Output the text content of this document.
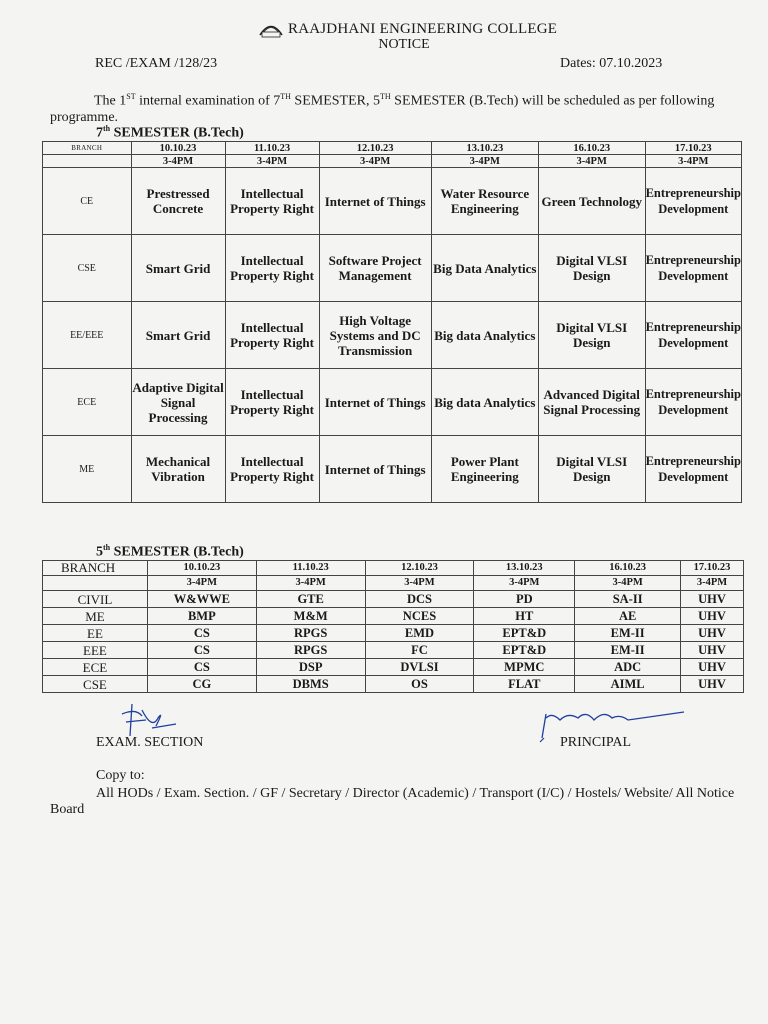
RAAJDHANI ENGINEERING COLLEGE
NOTICE
REC /EXAM /128/23	Dates: 07.10.2023
The 1ST internal examination of 7TH SEMESTER, 5TH SEMESTER (B.Tech) will be scheduled as per following programme.
7th SEMESTER (B.Tech)
BRANCH	10.10.23	11.10.23	12.10.23	13.10.23	16.10.23	17.10.23
	3-4PM	3-4PM	3-4PM	3-4PM	3-4PM	3-4PM
CE	Prestressed Concrete	Intellectual Property Right	Internet of Things	Water Resource Engineering	Green Technology	Entrepreneurship Development
CSE	Smart Grid	Intellectual Property Right	Software Project Management	Big Data Analytics	Digital VLSI Design	Entrepreneurship Development
EE/EEE	Smart Grid	Intellectual Property Right	High Voltage Systems and DC Transmission	Big data Analytics	Digital VLSI Design	Entrepreneurship Development
ECE	Adaptive Digital Signal Processing	Intellectual Property Right	Internet of Things	Big data Analytics	Advanced Digital Signal Processing	Entrepreneurship Development
ME	Mechanical Vibration	Intellectual Property Right	Internet of Things	Power Plant Engineering	Digital VLSI Design	Entrepreneurship Development
5th SEMESTER (B.Tech)
BRANCH	10.10.23	11.10.23	12.10.23	13.10.23	16.10.23	17.10.23
	3-4PM	3-4PM	3-4PM	3-4PM	3-4PM	3-4PM
CIVIL	W&WWE	GTE	DCS	PD	SA-II	UHV
ME	BMP	M&M	NCES	HT	AE	UHV
EE	CS	RPGS	EMD	EPT&D	EM-II	UHV
EEE	CS	RPGS	FC	EPT&D	EM-II	UHV
ECE	CS	DSP	DVLSI	MPMC	ADC	UHV
CSE	CG	DBMS	OS	FLAT	AIML	UHV
EXAM. SECTION	PRINCIPAL
Copy to:
All HODs / Exam. Section. / GF / Secretary / Director (Academic) / Transport (I/C) / Hostels/ Website/ All Notice Board
